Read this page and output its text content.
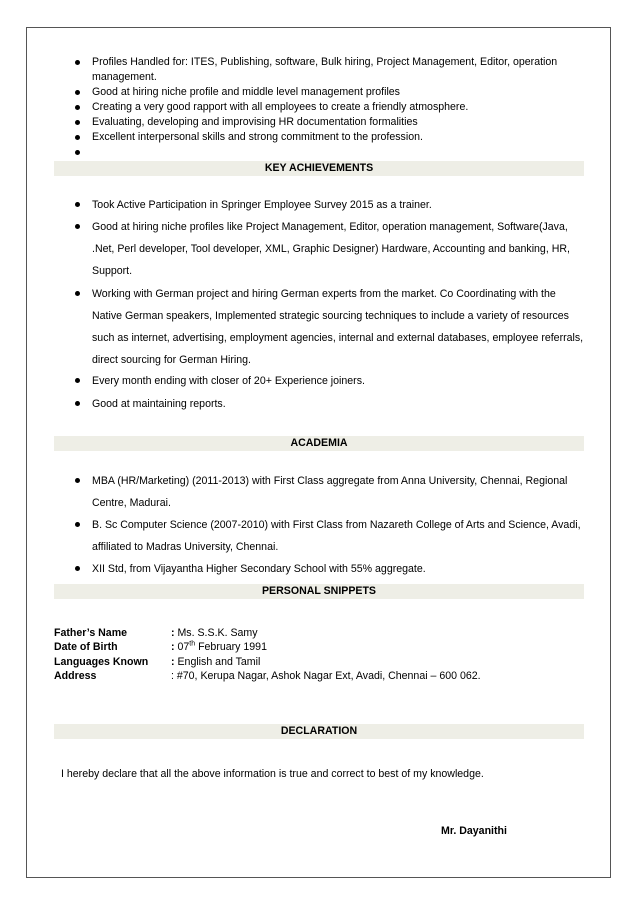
Profiles Handled for: ITES, Publishing, software, Bulk hiring, Project Management, Editor, operation management.
Good at hiring niche profile and middle level management profiles
Creating a very good rapport with all employees to create a friendly atmosphere.
Evaluating, developing and improvising HR documentation formalities
Excellent interpersonal skills and strong commitment to the profession.
KEY ACHIEVEMENTS
Took Active Participation in Springer Employee Survey 2015 as a trainer.
Good at hiring niche profiles like Project Management, Editor, operation management, Software(Java, .Net, Perl developer, Tool developer, XML, Graphic Designer) Hardware, Accounting and banking, HR, Support.
Working with German project and hiring German experts from the market. Co Coordinating with the Native German speakers, Implemented strategic sourcing techniques to include a variety of resources such as internet, advertising, employment agencies, internal and external databases, employee referrals, direct sourcing for German Hiring.
Every month ending with closer of 20+ Experience joiners.
Good at maintaining reports.
ACADEMIA
MBA (HR/Marketing) (2011-2013) with First Class aggregate from Anna University, Chennai, Regional Centre, Madurai.
B. Sc Computer Science (2007-2010) with First Class from Nazareth College of Arts and Science, Avadi, affiliated to Madras University, Chennai.
XII Std, from Vijayantha Higher Secondary School with 55% aggregate.
PERSONAL SNIPPETS
Father’s Name	: Ms. S.S.K. Samy
Date of Birth	: 07th February 1991
Languages Known	: English and Tamil
Address	: #70, Kerupa Nagar, Ashok Nagar Ext, Avadi, Chennai – 600 062.
DECLARATION
I hereby declare that all the above information is true and correct to best of my knowledge.
Mr. Dayanithi
